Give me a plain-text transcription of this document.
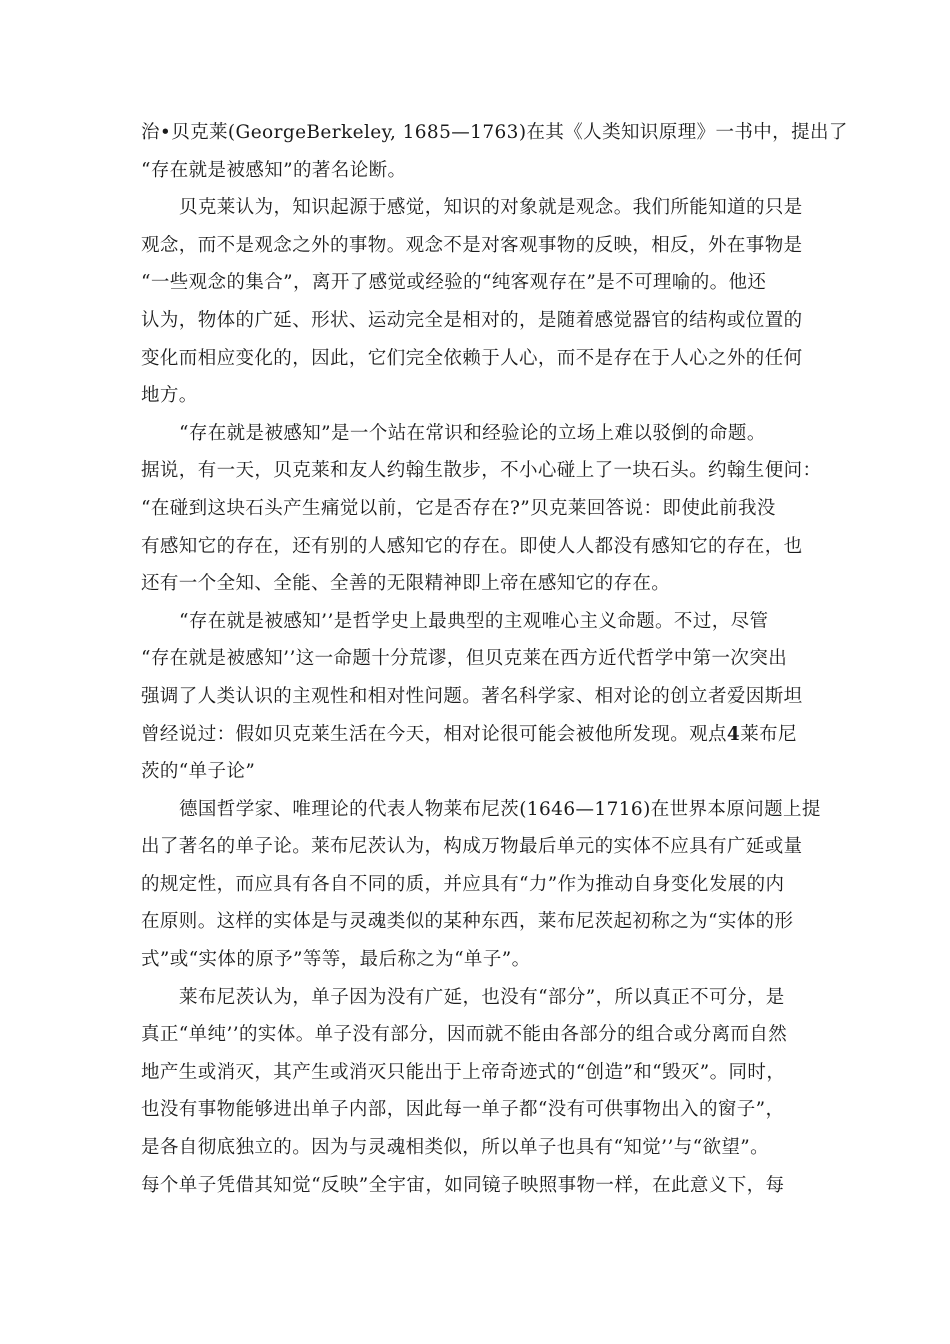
治•贝克莱(GeorgeBerkeley, 1685—1763)在其《人类知识原理》一书中，提出了
“存在就是被感知”的著名论断。
贝克莱认为，知识起源于感觉，知识的对象就是观念。我们所能知道的只是
观念，而不是观念之外的事物。观念不是对客观事物的反映，相反，外在事物是
“一些观念的集合”，离开了感觉或经验的“纯客观存在”是不可理喻的。他还
认为，物体的广延、形状、运动完全是相对的，是随着感觉器官的结构或位置的
变化而相应变化的，因此，它们完全依赖于人心，而不是存在于人心之外的任何
地方。
“存在就是被感知”是一个站在常识和经验论的立场上难以驳倒的命题。
据说，有一天，贝克莱和友人约翰生散步，不小心碰上了一块石头。约翰生便问：
“在碰到这块石头产生痛觉以前，它是否存在?”贝克莱回答说：即使此前我没
有感知它的存在，还有别的人感知它的存在。即使人人都没有感知它的存在，也
还有一个全知、全能、全善的无限精神即上帝在感知它的存在。
“存在就是被感知’’是哲学史上最典型的主观唯心主义命题。不过，尽管
“存在就是被感知’’这一命题十分荒谬，但贝克莱在西方近代哲学中第一次突出
强调了人类认识的主观性和相对性问题。著名科学家、相对论的创立者爱因斯坦
曾经说过：假如贝克莱生活在今天，相对论很可能会被他所发现。观点4莱布尼
茨的“单子论”
德国哲学家、唯理论的代表人物莱布尼茨(1646—1716)在世界本原问题上提
出了著名的单子论。莱布尼茨认为，构成万物最后单元的实体不应具有广延或量
的规定性，而应具有各自不同的质，并应具有“力”作为推动自身变化发展的内
在原则。这样的实体是与灵魂类似的某种东西，莱布尼茨起初称之为“实体的形
式”或“实体的原予”等等，最后称之为“单子”。
莱布尼茨认为，单子因为没有广延，也没有“部分”，所以真正不可分，是
真正“单纯’’的实体。单子没有部分，因而就不能由各部分的组合或分离而自然
地产生或消灭，其产生或消灭只能出于上帝奇迹式的“创造”和“毁灭”。同时，
也没有事物能够进出单子内部，因此每一单子都“没有可供事物出入的窗子”，
是各自彻底独立的。因为与灵魂相类似，所以单子也具有“知觉’’与“欲望”。
每个单子凭借其知觉“反映”全宇宙，如同镜子映照事物一样，在此意义下，每
